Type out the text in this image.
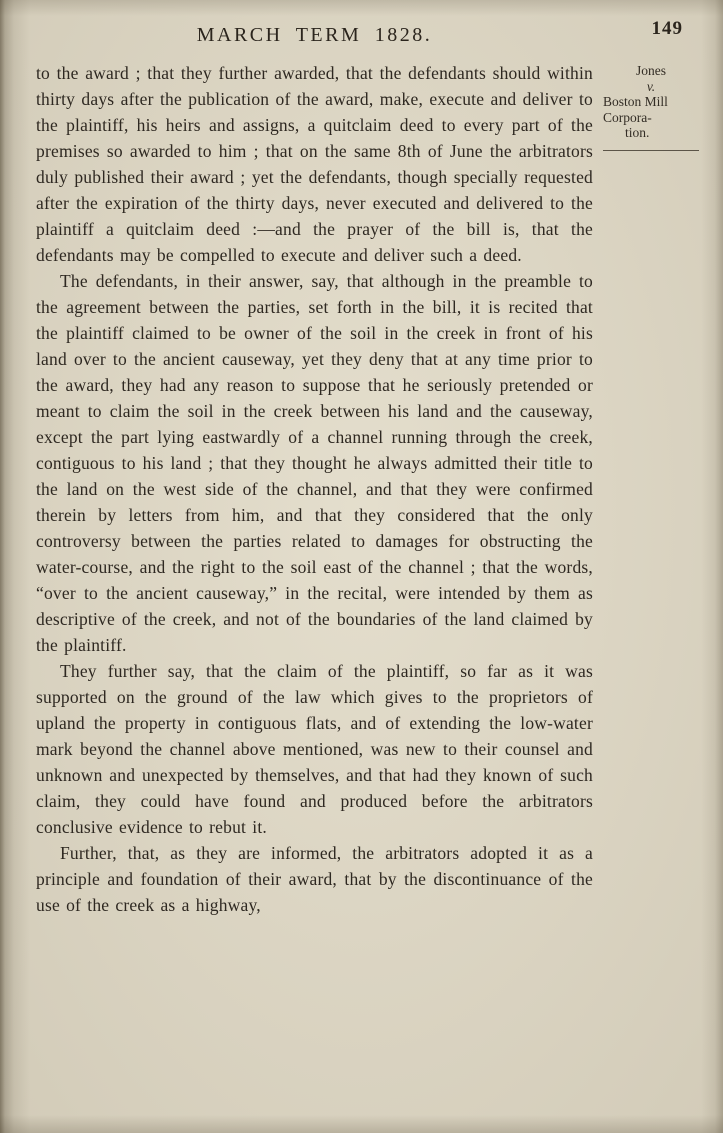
MARCH TERM 1828.	149

to the award ; that they further awarded, that the defendants should within thirty days after the publication of the award, make, execute and deliver to the plaintiff, his heirs and assigns, a quitclaim deed to every part of the premises so awarded to him ; that on the same 8th of June the arbitrators duly published their award ; yet the defendants, though specially requested after the expiration of the thirty days, never executed and delivered to the plaintiff a quitclaim deed :—and the prayer of the bill is, that the defendants may be compelled to execute and deliver such a deed.

The defendants, in their answer, say, that although in the preamble to the agreement between the parties, set forth in the bill, it is recited that the plaintiff claimed to be owner of the soil in the creek in front of his land over to the ancient causeway, yet they deny that at any time prior to the award, they had any reason to suppose that he seriously pretended or meant to claim the soil in the creek between his land and the causeway, except the part lying eastwardly of a channel running through the creek, contiguous to his land ; that they thought he always admitted their title to the land on the west side of the channel, and that they were confirmed therein by letters from him, and that they considered that the only controversy between the parties related to damages for obstructing the water-course, and the right to the soil east of the channel ; that the words, “over to the ancient causeway,” in the recital, were intended by them as descriptive of the creek, and not of the boundaries of the land claimed by the plaintiff.

They further say, that the claim of the plaintiff, so far as it was supported on the ground of the law which gives to the proprietors of upland the property in contiguous flats, and of extending the low-water mark beyond the channel above mentioned, was new to their counsel and unknown and unexpected by themselves, and that had they known of such claim, they could have found and produced before the arbitrators conclusive evidence to rebut it.

Further, that, as they are informed, the arbitrators adopted it as a principle and foundation of their award, that by the discontinuance of the use of the creek as a highway,

Jones
v.
Boston Mill
Corpora-
tion.
